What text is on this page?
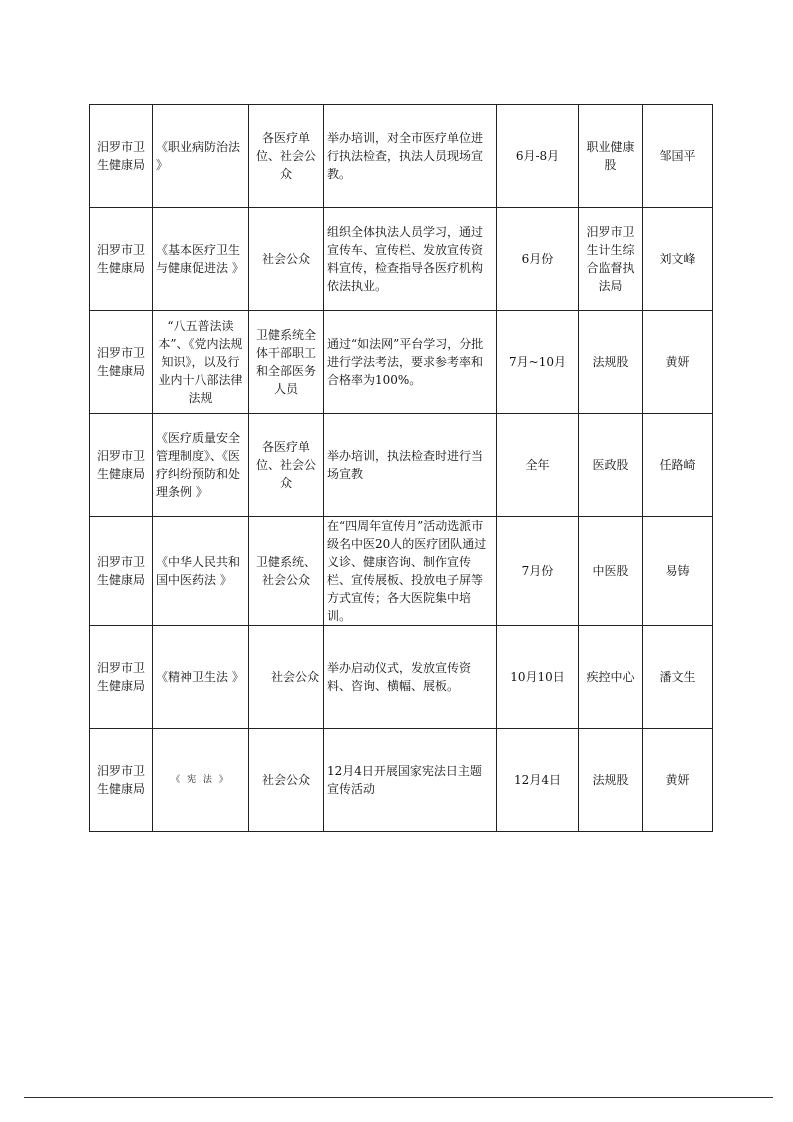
汨罗市卫生健康局	《职业病防治法 》	各医疗单位、社会公众	举办培训，对全市医疗单位进行执法检查，执法人员现场宣教。	6月-8月	职业健康股	邹国平
汨罗市卫生健康局	《基本医疗卫生与健康促进法 》	社会公众	组织全体执法人员学习，通过宣传车、宣传栏、发放宣传资料宣传，检查指导各医疗机构依法执业。	6月份	汨罗市卫生计生综合监督执法局	刘文峰
汨罗市卫生健康局	“八五普法读本”、《党内法规知识》，以及行业内十八部法律法规	卫健系统全体干部职工和全部医务人员	通过“如法网”平台学习，分批进行学法考法，要求参考率和合格率为100%。	7月~10月	法规股	黄妍
汨罗市卫生健康局	《医疗质量安全管理制度》、《医疗纠纷预防和处理条例 》	各医疗单位、社会公众	举办培训，执法检查时进行当场宣教	全年	医政股	任路崎
汨罗市卫生健康局	《中华人民共和国中医药法 》	卫健系统、社会公众	在“四周年宣传月”活动选派市级名中医20人的医疗团队通过义诊、健康咨询、制作宣传栏、宣传展板、投放电子屏等方式宣传；各大医院集中培训。	7月份	中医股	易铸
汨罗市卫生健康局	《精神卫生法 》	社会公众	举办启动仪式，发放宣传资料、咨询、横幅、展板。	10月10日	疾控中心	潘文生
汨罗市卫生健康局	《 宪 法 》	社会公众	12月4日开展国家宪法日主题宣传活动	12月4日	法规股	黄妍
